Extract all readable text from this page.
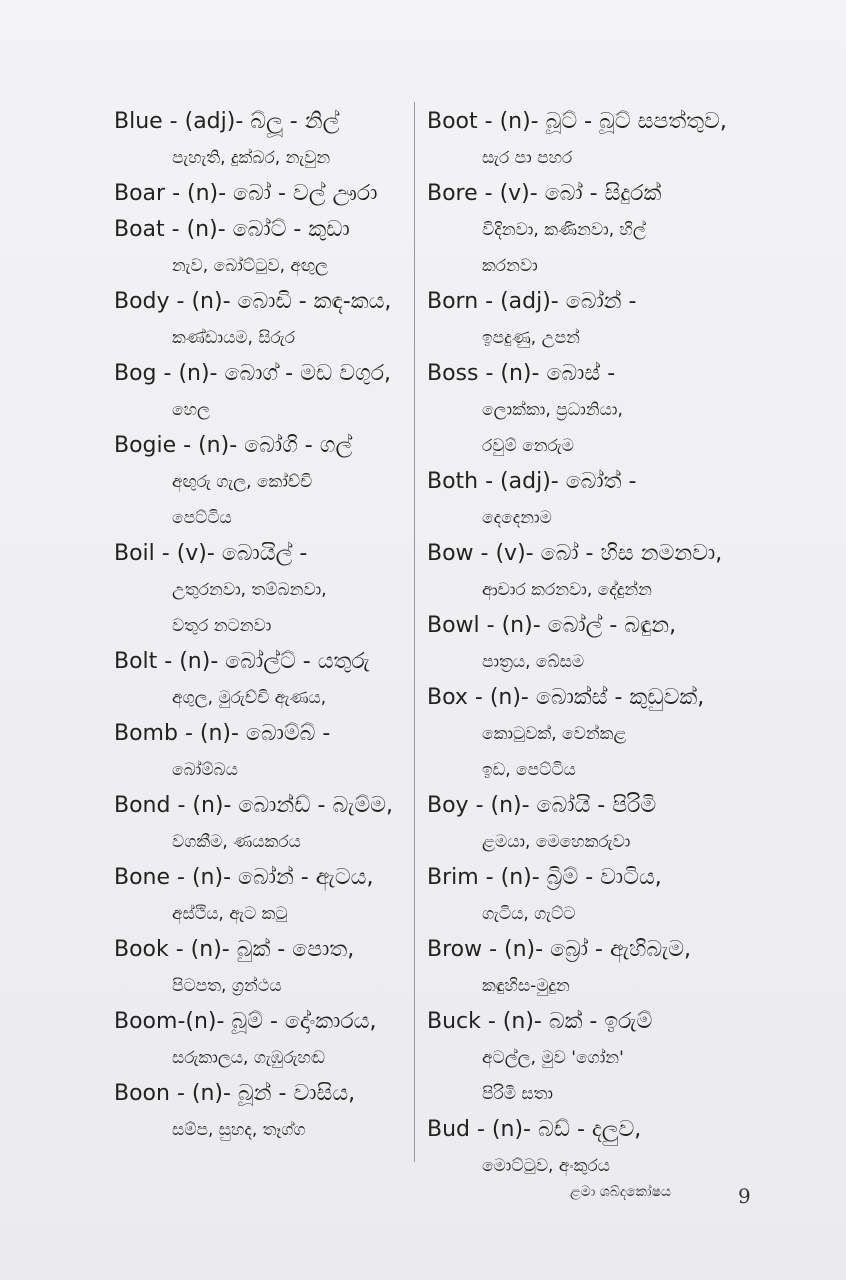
Blue - (adj)- බ්ලූ - නිල්
පැහැති, දුක්බර, නැවුන
Boar - (n)- බෝ - වල් ඌරා
Boat - (n)- බෝට් - කුඩා
නැව, බෝට්ටුව, අඟුල
Body - (n)- බොඩි - කඳ-කය,
කණ්ඩායම, සිරුර
Bog - (n)- බොග් - මඩ වගුර,
හෙල
Bogie - (n)- බෝගි - ගල්
අඟුරු ගැල, කෝච්චි
පෙට්ටිය
Boil - (v)- බොයිල් -
උතුරනවා, තම්බනවා,
වතුර නටනවා
Bolt - (n)- බෝල්ට් - යතුරු
අගුල, මුරුච්චි ඇණය,
Bomb - (n)- බොම්බ් -
බෝම්බය
Bond - (n)- බොන්ඩ් - බැම්ම,
වගකීම, ණයකරය
Bone - (n)- බෝන් - ඇටය,
අස්ථිය, ඇට කටු
Book - (n)- බුක් - පොත,
පිටපත, ග්‍රන්ථය
Boom-(n)- බූම් - දෝංකාරය,
සරුකාලය, ගැඹුරුහඬ
Boon - (n)- බූන් - වාසිය,
සම්ප, සුහද, තෑග්ග
Boot - (n)- බූට් - බූට් සපත්තුව,
සැර පා පහර
Bore - (v)- බෝ - සිදුරක්
විදිනවා, කණිනවා, හිල්
කරනවා
Born - (adj)- බෝන් -
ඉපදුණු, උපන්
Boss - (n)- බොස් -
ලොක්කා, ප්‍රධානියා,
රවුම් නෙරුම
Both - (adj)- බෝත් -
දෙදෙනාම
Bow - (v)- බෝ - හිස නමනවා,
ආචාර කරනවා, දේදුන්න
Bowl - (n)- බෝල් - බඳුන,
පාත්‍රය, බේසම
Box - (n)- බොක්ස් - කුඩුවක්,
කොටුවක්, වෙන්කළ
ඉඩ, පෙට්ටිය
Boy - (n)- බෝයි - පිරිමි
ළමයා, මෙහෙකරුවා
Brim - (n)- බ්‍රිම් - වාටිය,
ගැටිය, ගැට්ට
Brow - (n)- බ්‍රෝ - ඇහිබැම,
කඳුහිස-මුදුන
Buck - (n)- බක් - ඉරුම්
අටල්ල, මුව 'ගෝන'
පිරිමි සතා
Bud - (n)- බඩ් - දලුව,
මොට්ටුව, අංකුරය
ළමා ශබ්දකෝෂය	9
